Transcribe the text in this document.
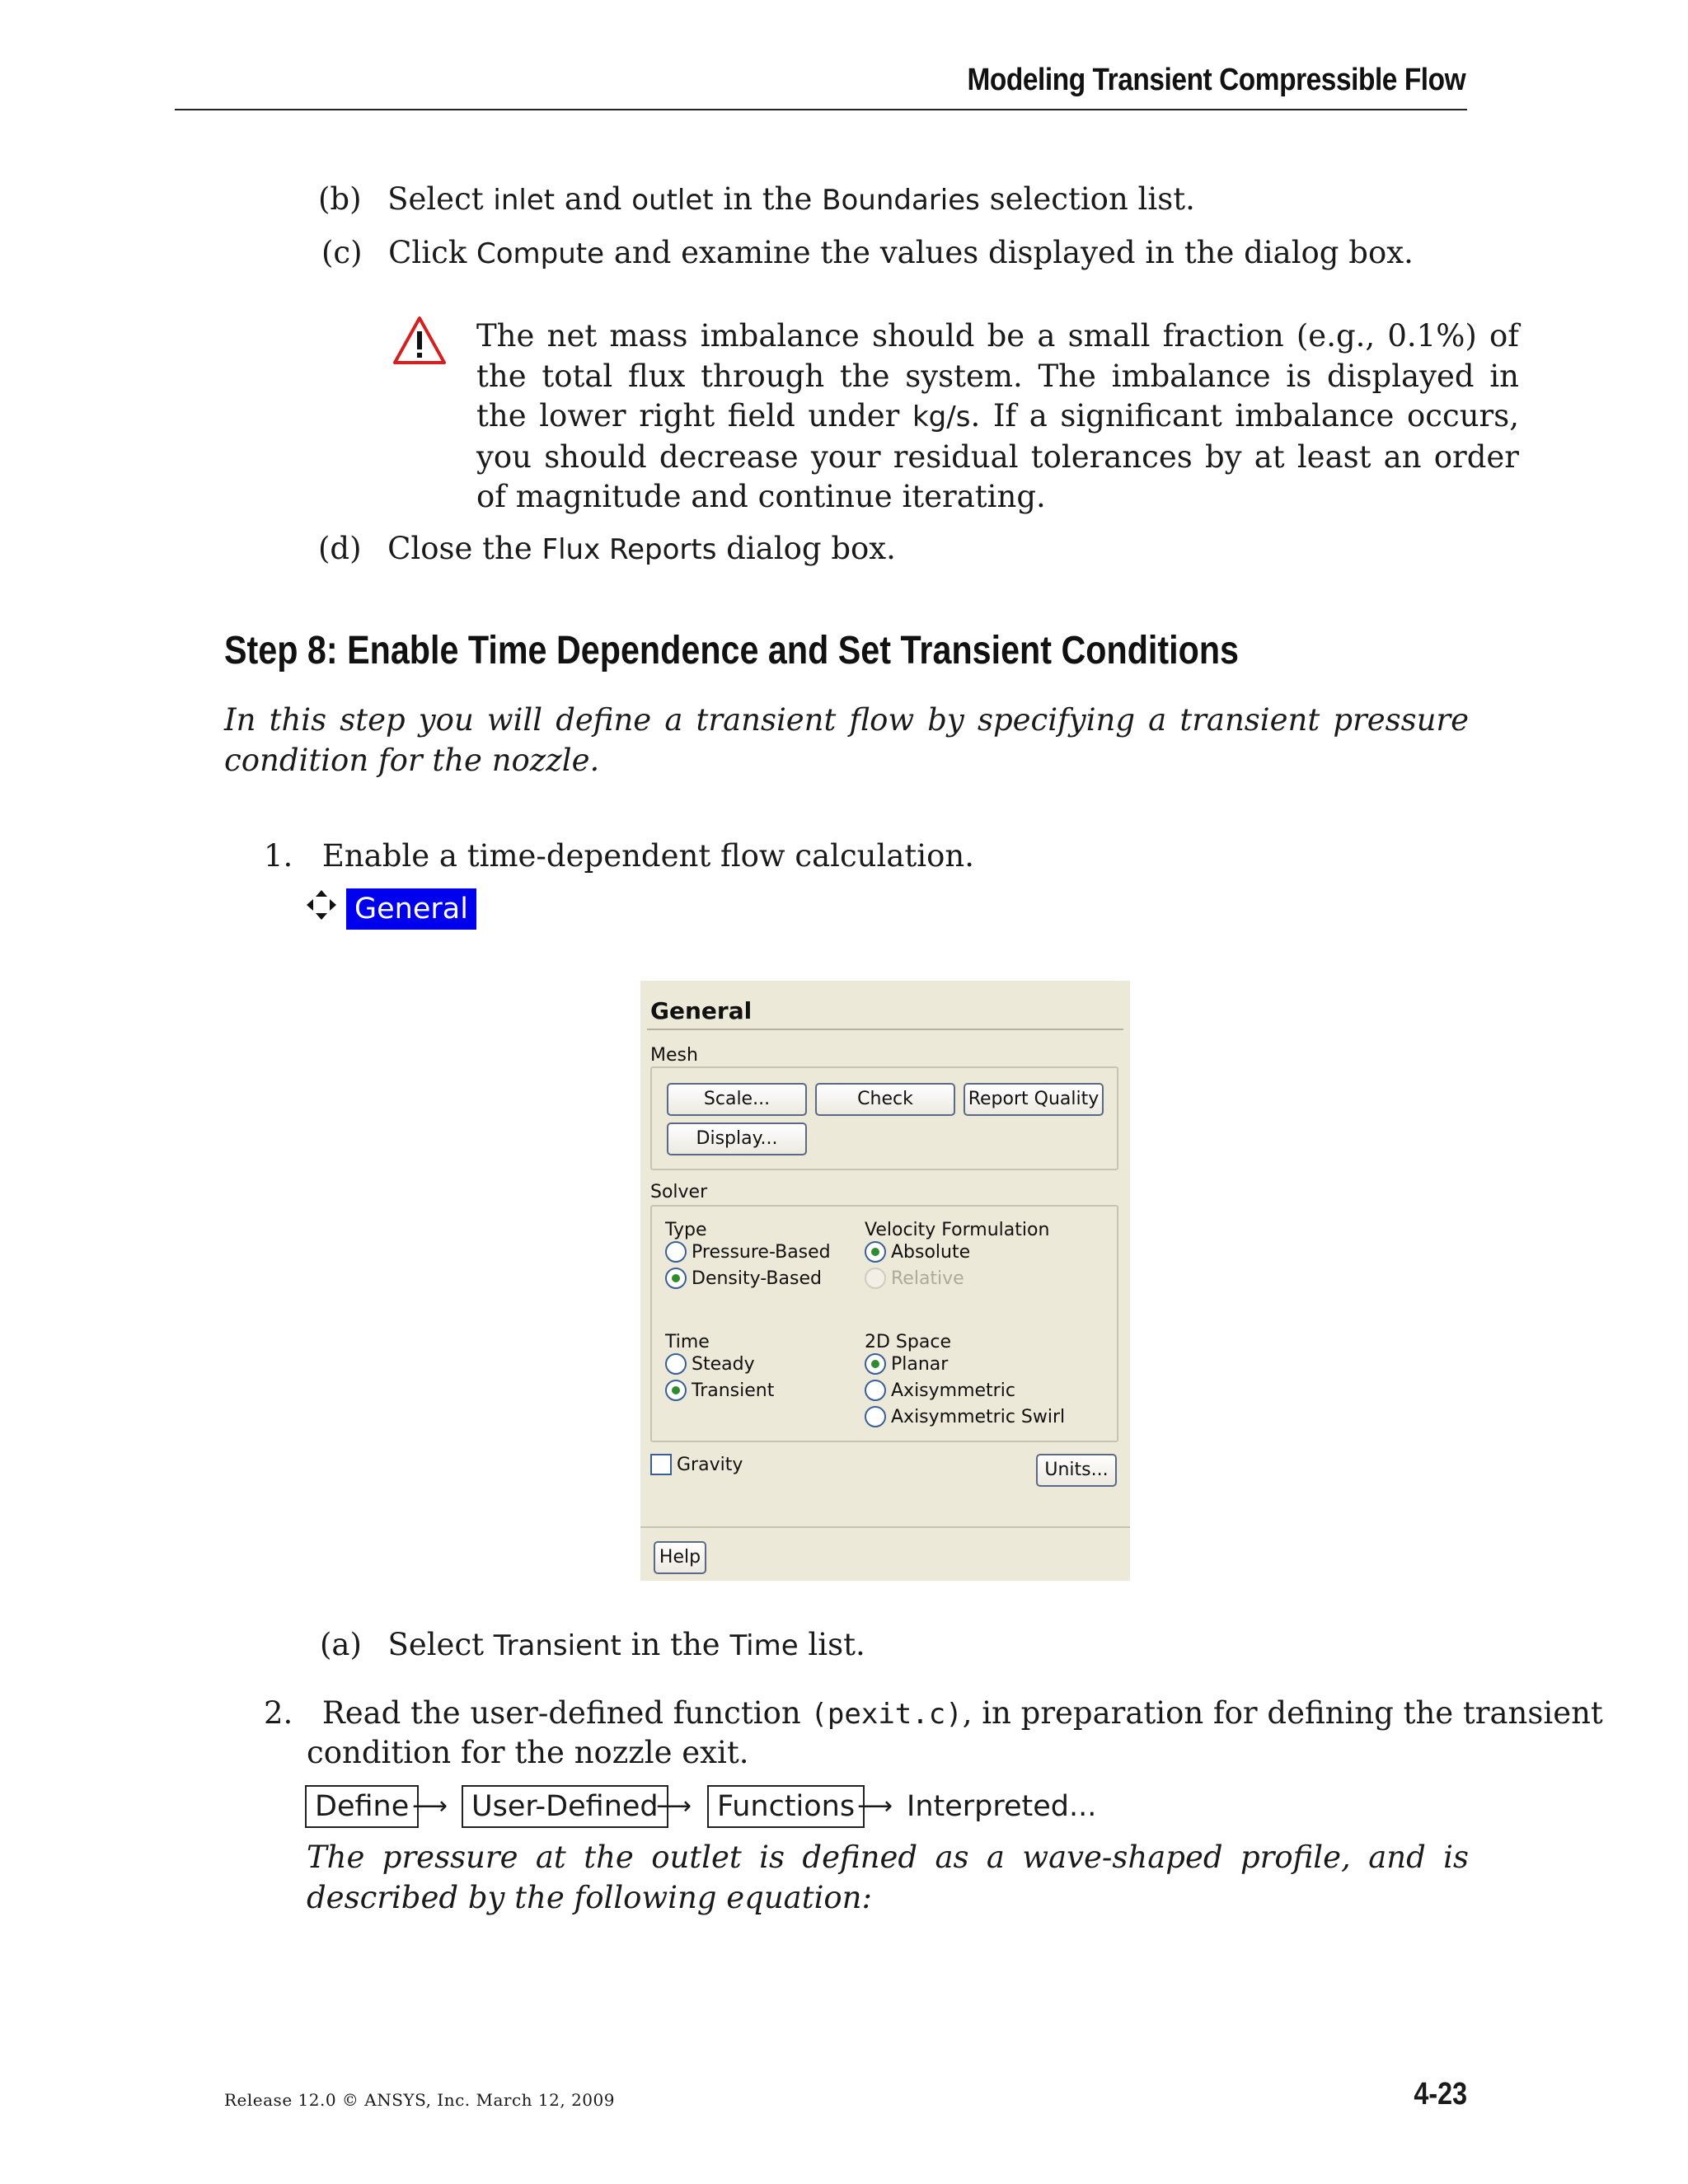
Modeling Transient Compressible Flow
(b) Select inlet and outlet in the Boundaries selection list.
(c) Click Compute and examine the values displayed in the dialog box.
The net mass imbalance should be a small fraction (e.g., 0.1%) of the total flux through the system. The imbalance is displayed in the lower right field under kg/s. If a significant imbalance occurs, you should decrease your residual tolerances by at least an order of magnitude and continue iterating.
(d) Close the Flux Reports dialog box.
Step 8: Enable Time Dependence and Set Transient Conditions
In this step you will define a transient flow by specifying a transient pressure condition for the nozzle.
1. Enable a time-dependent flow calculation.
General
General
Mesh
Scale...	Check	Report Quality
Display...
Solver
Type
Pressure-Based
Density-Based
Velocity Formulation
Absolute
Relative
Time
Steady
Transient
2D Space
Planar
Axisymmetric
Axisymmetric Swirl
Gravity	Units...
Help
(a) Select Transient in the Time list.
2. Read the user-defined function (pexit.c), in preparation for defining the transient
condition for the nozzle exit.
Define ⟶ User-Defined
⟶ Functions ⟶ Interpreted...
The pressure at the outlet is defined as a wave-shaped profile, and is described by the following equation:
Release 12.0 © ANSYS, Inc. March 12, 2009	4-23
